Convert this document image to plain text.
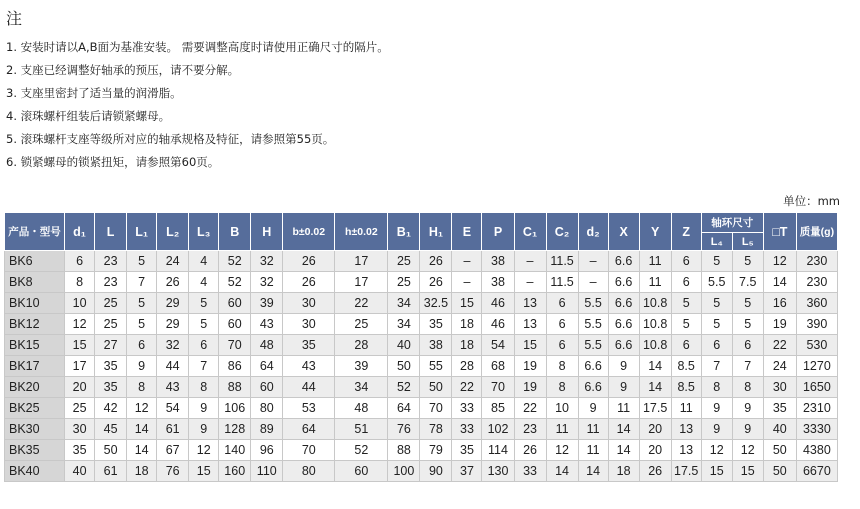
注
1. 安装时请以A,B面为基准安装。 需要调整高度时请使用正确尺寸的隔片。
2. 支座已经调整好轴承的预压，请不要分解。
3. 支座里密封了适当量的润滑脂。
4. 滚珠螺杆组装后请锁紧螺母。
5. 滚珠螺杆支座等级所对应的轴承规格及特征，请参照第55页。
6. 锁紧螺母的锁紧扭矩，请参照第60页。
单位：mm
产品・型号	d₁	L	L₁	L₂	L₃	B	H	b±0.02	h±0.02	B₁	H₁	E	P	C₁	C₂	d₂	X	Y	Z	轴环尺寸		□T	质量(g)
																				L₄	L₅		
BK6	6	23	5	24	4	52	32	26	17	25	26	–	38	–	11.5	–	6.6	11	6	5	5	12	230
BK8	8	23	7	26	4	52	32	26	17	25	26	–	38	–	11.5	–	6.6	11	6	5.5	7.5	14	230
BK10	10	25	5	29	5	60	39	30	22	34	32.5	15	46	13	6	5.5	6.6	10.8	5	5	5	16	360
BK12	12	25	5	29	5	60	43	30	25	34	35	18	46	13	6	5.5	6.6	10.8	5	5	5	19	390
BK15	15	27	6	32	6	70	48	35	28	40	38	18	54	15	6	5.5	6.6	10.8	6	6	6	22	530
BK17	17	35	9	44	7	86	64	43	39	50	55	28	68	19	8	6.6	9	14	8.5	7	7	24	1270
BK20	20	35	8	43	8	88	60	44	34	52	50	22	70	19	8	6.6	9	14	8.5	8	8	30	1650
BK25	25	42	12	54	9	106	80	53	48	64	70	33	85	22	10	9	11	17.5	11	9	9	35	2310
BK30	30	45	14	61	9	128	89	64	51	76	78	33	102	23	11	11	14	20	13	9	9	40	3330
BK35	35	50	14	67	12	140	96	70	52	88	79	35	114	26	12	11	14	20	13	12	12	50	4380
BK40	40	61	18	76	15	160	110	80	60	100	90	37	130	33	14	14	18	26	17.5	15	15	50	6670
